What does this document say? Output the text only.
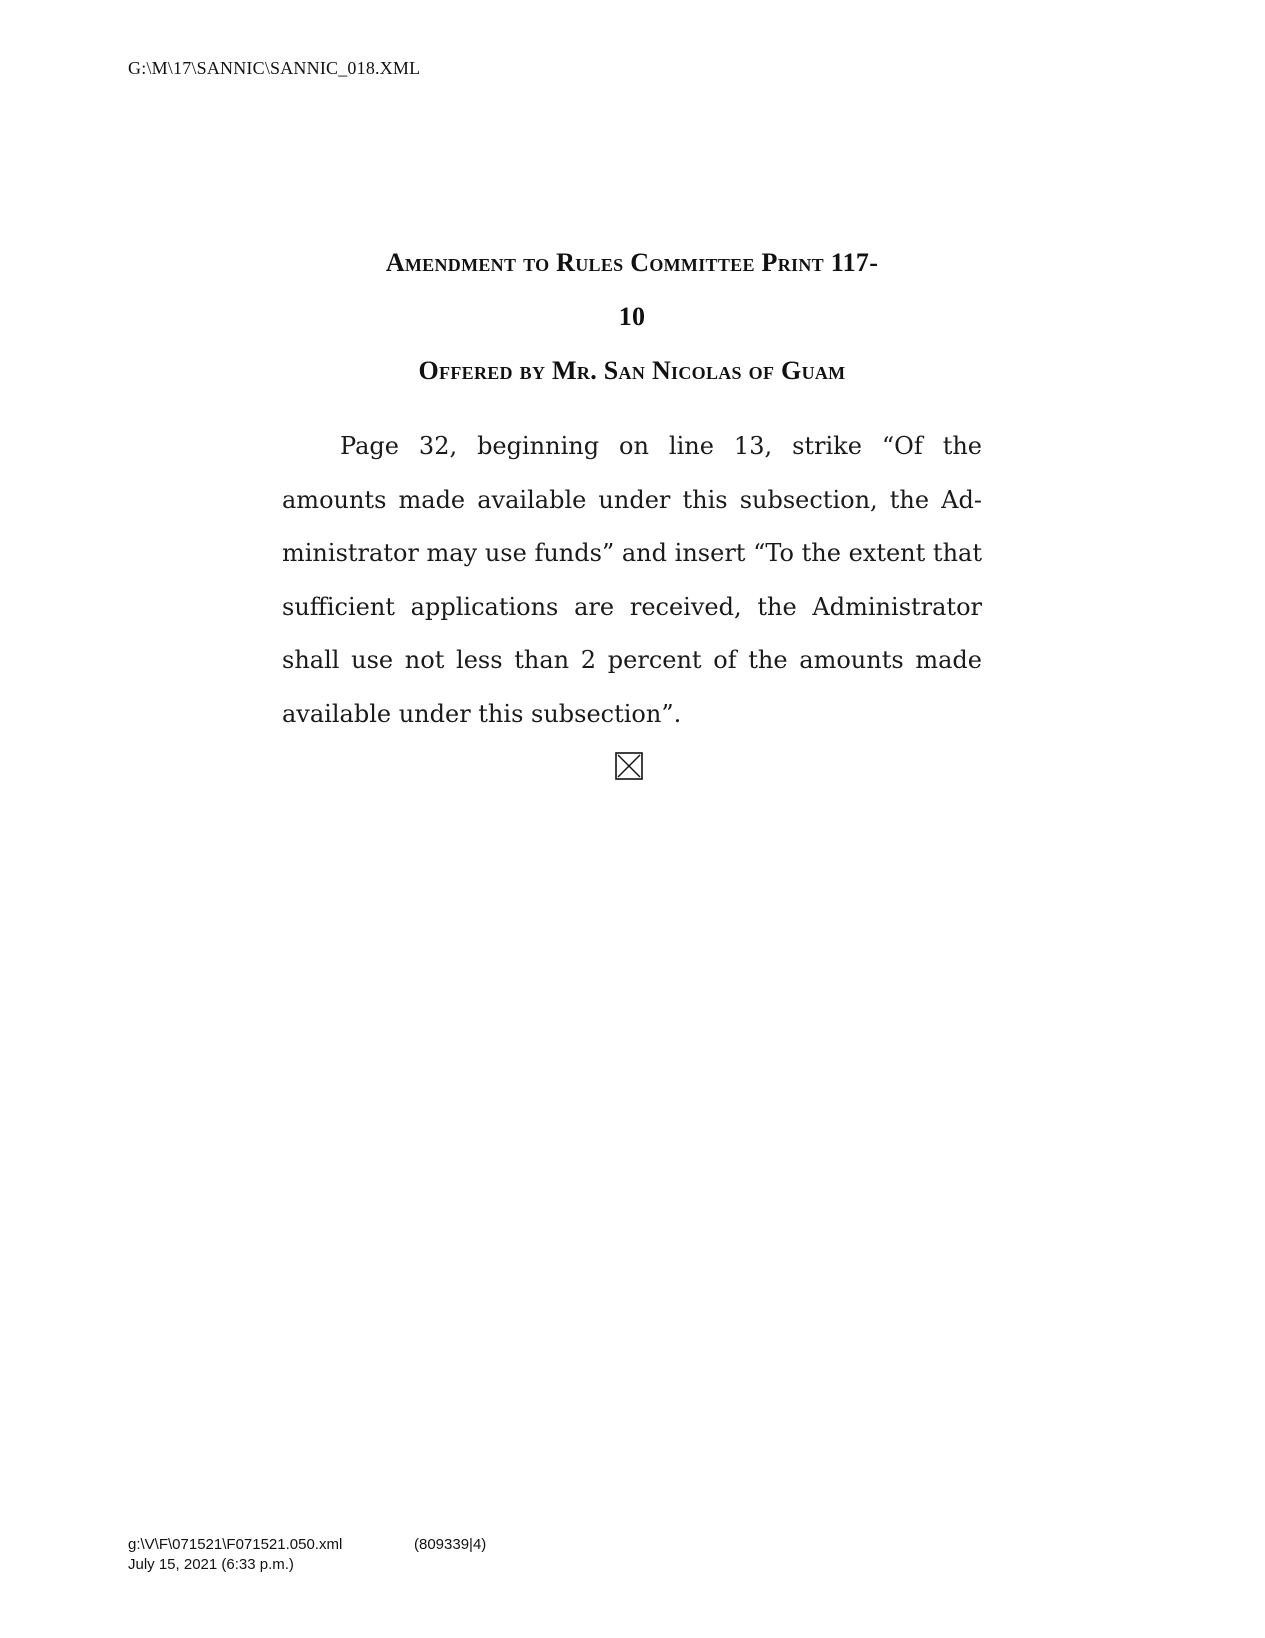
G:\M\17\SANNIC\SANNIC_018.XML
Amendment to Rules Committee Print 117-
10
Offered by Mr. San Nicolas of Guam

Page 32, beginning on line 13, strike “Of the amounts made available under this subsection, the Administrator may use funds” and insert “To the extent that sufficient applications are received, the Administrator shall use not less than 2 percent of the amounts made available under this subsection”.

g:\V\F\071521\F071521.050.xml	(809339|4)
July 15, 2021 (6:33 p.m.)
